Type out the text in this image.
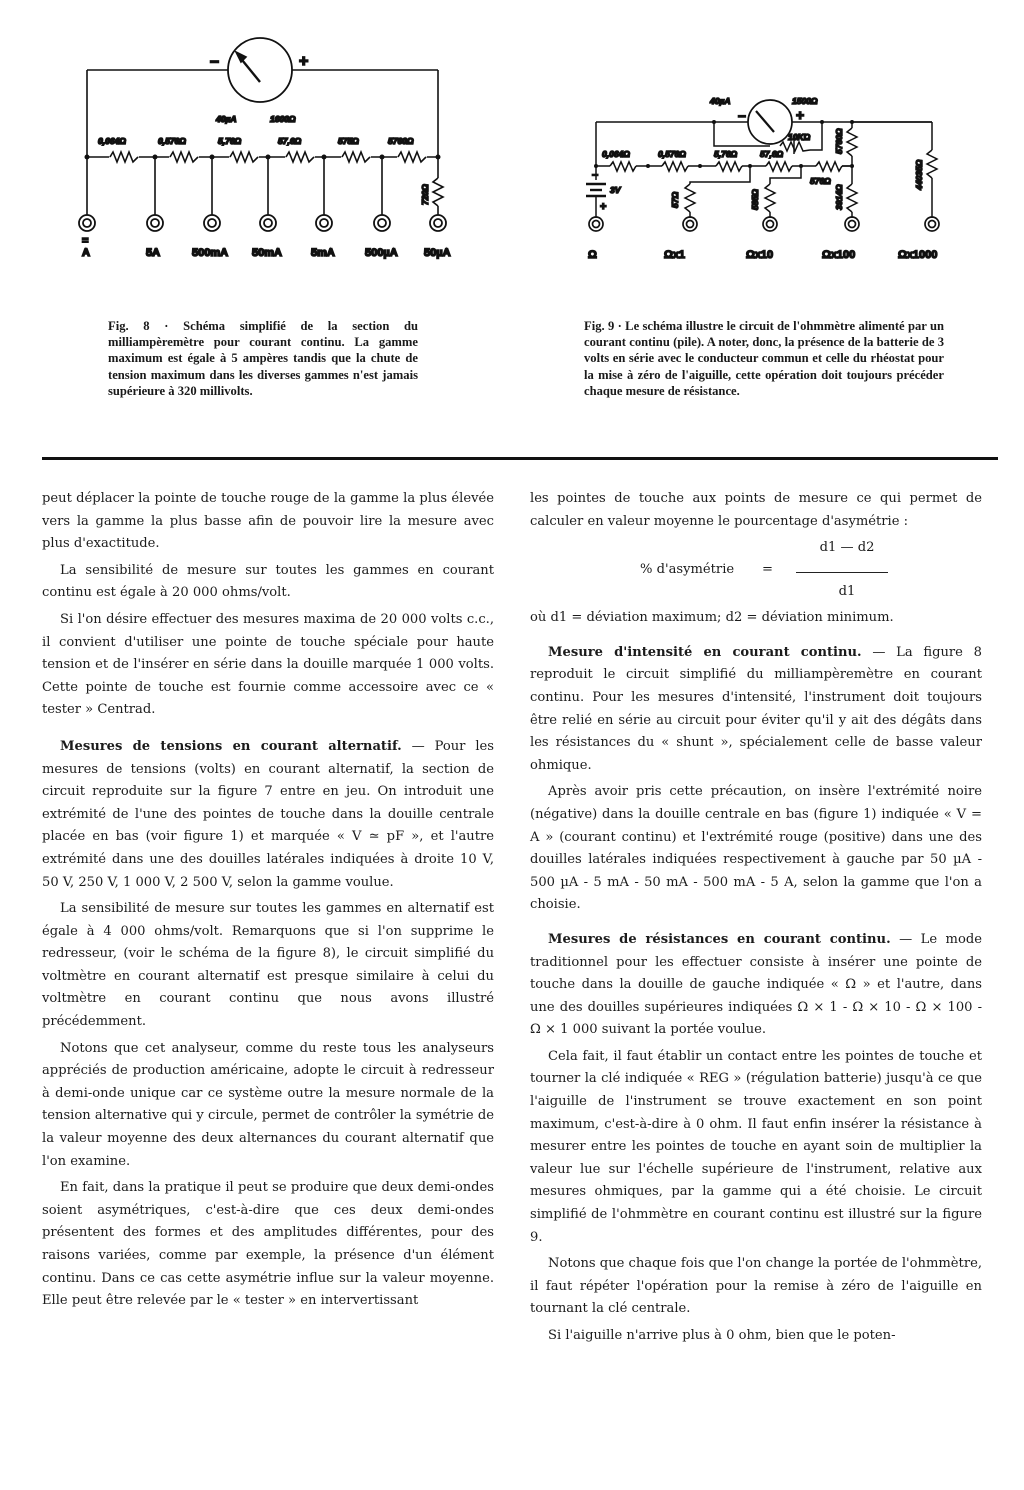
–	+
40µA	1600Ω
0,064Ω	0,576Ω	5,76Ω	57,6Ω	575Ω	5760Ω
720Ω
=
A	5A	500mA 50mA	5mA	500µA 50µA
Fig. 8 · Schéma simplifié de la section du milliampèremètre pour courant continu. La gamme maximum est égale à 5 ampères tandis que la chute de tension maximum dans les diverses gammes n'est jamais supérieure à 320 millivolts.
–	+
40µA	1500Ω
10KΩ
0,064Ω	0,576Ω	5,76Ω	57,6Ω
576Ω
3V
–
+	57Ω	585Ω
5760Ω
3914Ω
44035Ω
Ω	Ωx1	Ωx10	Ωx100	Ωx1000
Fig. 9 · Le schéma illustre le circuit de l'ohmmètre alimenté par un courant continu (pile). A noter, donc, la présence de la batterie de 3 volts en série avec le conducteur commun et celle du rhéostat pour la mise à zéro de l'aiguille, cette opération doit toujours précéder chaque mesure de résistance.

peut déplacer la pointe de touche rouge de la gamme la plus élevée vers la gamme la plus basse afin de pouvoir lire la mesure avec plus d'exactitude.

La sensibilité de mesure sur toutes les gammes en courant continu est égale à 20 000 ohms/volt.

Si l'on désire effectuer des mesures maxima de 20 000 volts c.c., il convient d'utiliser une pointe de touche spéciale pour haute tension et de l'insérer en série dans la douille marquée 1 000 volts. Cette pointe de touche est fournie comme accessoire avec ce « tester » Centrad.

Mesures de tensions en courant alternatif. — Pour les mesures de tensions (volts) en courant alternatif, la section de circuit reproduite sur la figure 7 entre en jeu. On introduit une extrémité de l'une des pointes de touche dans la douille centrale placée en bas (voir figure 1) et marquée « V ≃ pF », et l'autre extrémité dans une des douilles latérales indiquées à droite 10 V, 50 V, 250 V, 1 000 V, 2 500 V, selon la gamme voulue.

La sensibilité de mesure sur toutes les gammes en alternatif est égale à 4 000 ohms/volt. Remarquons que si l'on supprime le redresseur, (voir le schéma de la figure 8), le circuit simplifié du voltmètre en courant alternatif est presque similaire à celui du voltmètre en courant continu que nous avons illustré précédemment.

Notons que cet analyseur, comme du reste tous les analyseurs appréciés de production américaine, adopte le circuit à redresseur à demi-onde unique car ce système outre la mesure normale de la tension alternative qui y circule, permet de contrôler la symétrie de la valeur moyenne des deux alternances du courant alternatif que l'on examine.

En fait, dans la pratique il peut se produire que deux demi-ondes soient asymétriques, c'est-à-dire que ces deux demi-ondes présentent des formes et des amplitudes différentes, pour des raisons variées, comme par exemple, la présence d'un élément continu. Dans ce cas cette asymétrie influe sur la valeur moyenne. Elle peut être relevée par le « tester » en intervertissant

les pointes de touche aux points de mesure ce qui permet de calculer en valeur moyenne le pourcentage d'asymétrie :

% d'asymétrie =
d1 — d2
d1

où d1 = déviation maximum; d2 = déviation minimum.

Mesure d'intensité en courant continu. — La figure 8 reproduit le circuit simplifié du milliampèremètre en courant continu. Pour les mesures d'intensité, l'instrument doit toujours être relié en série au circuit pour éviter qu'il y ait des dégâts dans les résistances du « shunt », spécialement celle de basse valeur ohmique.

Après avoir pris cette précaution, on insère l'extrémité noire (négative) dans la douille centrale en bas (figure 1) indiquée « V = A » (courant continu) et l'extrémité rouge (positive) dans une des douilles latérales indiquées respectivement à gauche par 50 µA - 500 µA - 5 mA - 50 mA - 500 mA - 5 A, selon la gamme que l'on a choisie.

Mesures de résistances en courant continu. — Le mode traditionnel pour les effectuer consiste à insérer une pointe de touche dans la douille de gauche indiquée « Ω » et l'autre, dans une des douilles supérieures indiquées Ω × 1 - Ω × 10 - Ω × 100 - Ω × 1 000 suivant la portée voulue.

Cela fait, il faut établir un contact entre les pointes de touche et tourner la clé indiquée « REG » (régulation batterie) jusqu'à ce que l'aiguille de l'instrument se trouve exactement en son point maximum, c'est-à-dire à 0 ohm. Il faut enfin insérer la résistance à mesurer entre les pointes de touche en ayant soin de multiplier la valeur lue sur l'échelle supérieure de l'instrument, relative aux mesures ohmiques, par la gamme qui a été choisie. Le circuit simplifié de l'ohmmètre en courant continu est illustré sur la figure 9.

Notons que chaque fois que l'on change la portée de l'ohmmètre, il faut répéter l'opération pour la remise à zéro de l'aiguille en tournant la clé centrale.

Si l'aiguille n'arrive plus à 0 ohm, bien que le poten-
